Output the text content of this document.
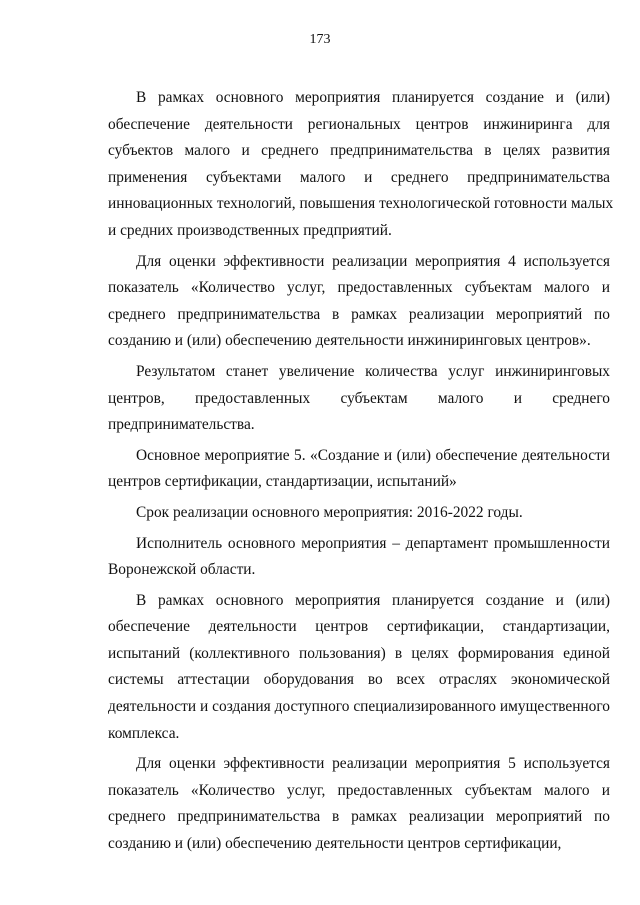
173
В рамках основного мероприятия планируется создание и (или)
обеспечение деятельности региональных центров инжиниринга для
субъектов малого и среднего предпринимательства в целях развития
применения субъектами малого и среднего предпринимательства
инновационных технологий, повышения технологической готовности малых
и средних производственных предприятий.
Для оценки эффективности реализации мероприятия 4 используется
показатель «Количество услуг, предоставленных субъектам малого и
среднего предпринимательства в рамках реализации мероприятий по
созданию и (или) обеспечению деятельности инжиниринговых центров».
Результатом станет увеличение количества услуг инжиниринговых
центров, предоставленных субъектам малого и среднего
предпринимательства.
Основное мероприятие 5. «Создание и (или) обеспечение деятельности
центров сертификации, стандартизации, испытаний»
Срок реализации основного мероприятия: 2016-2022 годы.
Исполнитель основного мероприятия – департамент промышленности
Воронежской области.
В рамках основного мероприятия планируется создание и (или)
обеспечение деятельности центров сертификации, стандартизации,
испытаний (коллективного пользования) в целях формирования единой
системы аттестации оборудования во всех отраслях экономической
деятельности и создания доступного специализированного имущественного
комплекса.
Для оценки эффективности реализации мероприятия 5 используется
показатель «Количество услуг, предоставленных субъектам малого и
среднего предпринимательства в рамках реализации мероприятий по
созданию и (или) обеспечению деятельности центров сертификации,
